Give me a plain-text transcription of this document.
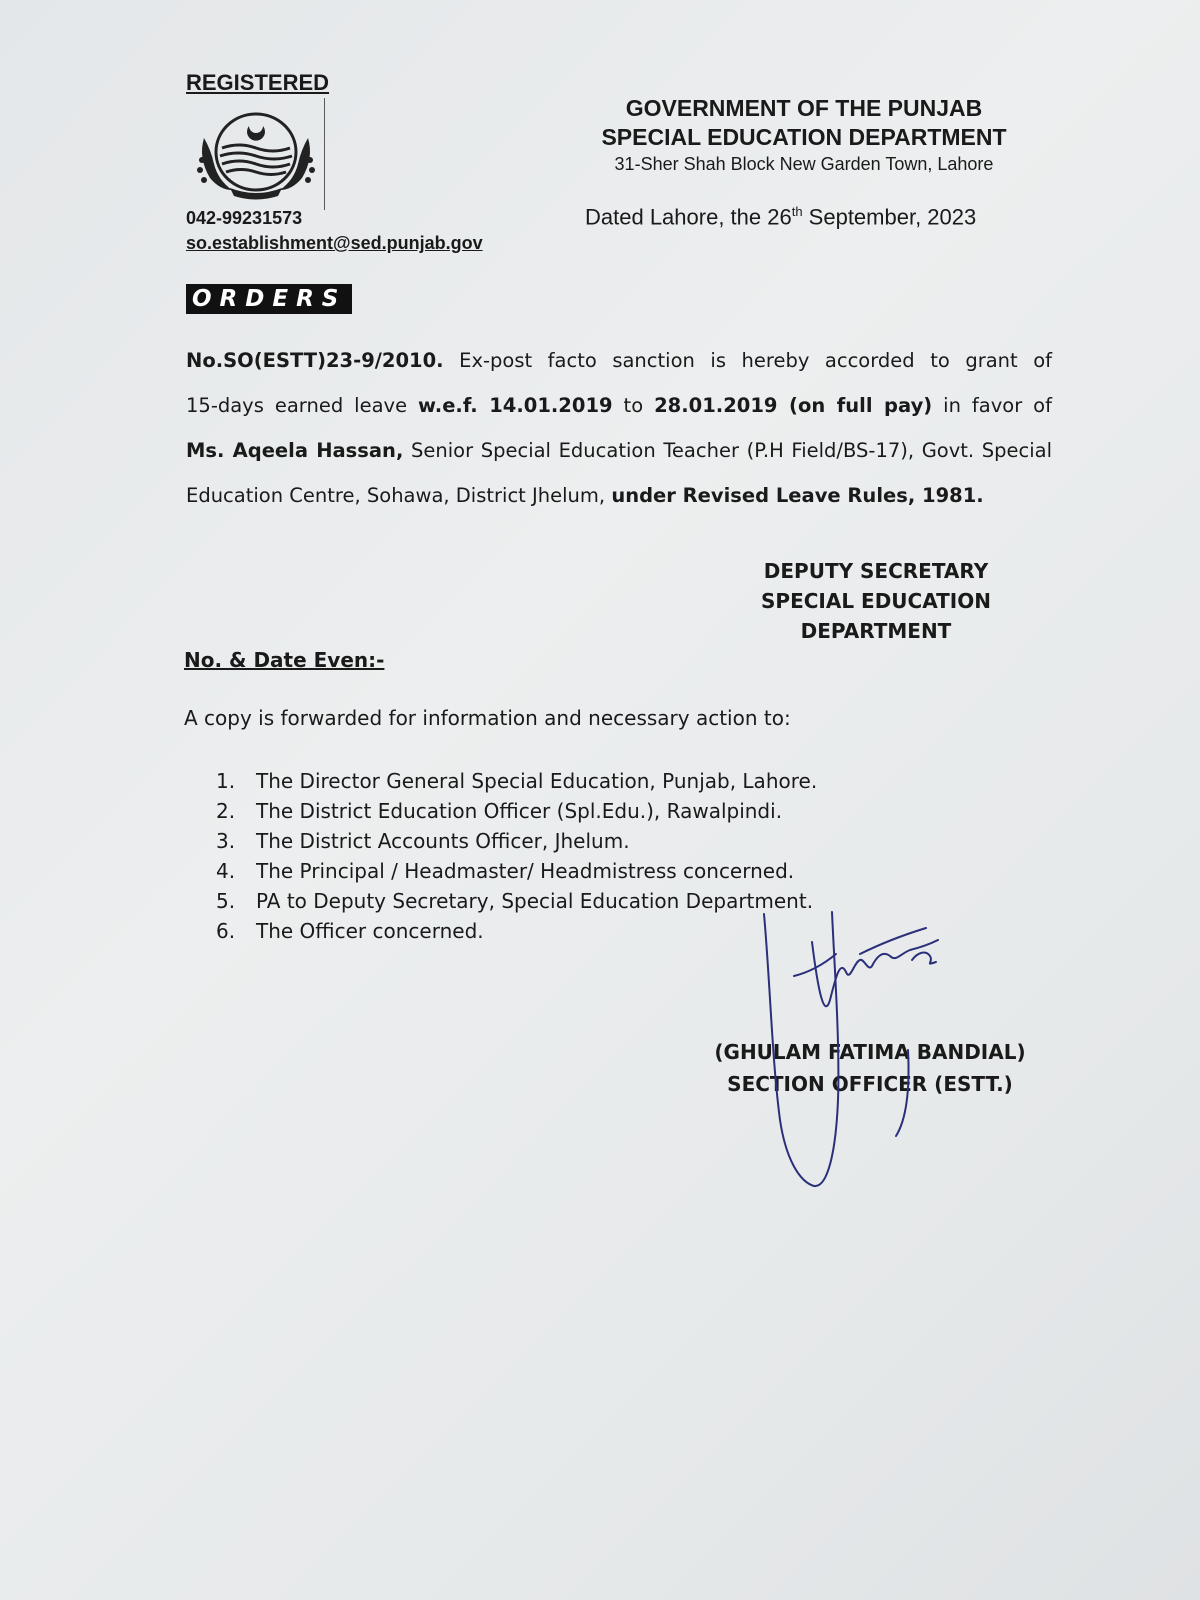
REGISTERED
042-99231573
so.establishment@sed.punjab.gov
GOVERNMENT OF THE PUNJAB
SPECIAL EDUCATION DEPARTMENT
31-Sher Shah Block New Garden Town, Lahore
Dated Lahore, the 26th September, 2023
ORDERS
No.SO(ESTT)23-9/2010. Ex-post facto sanction is hereby accorded to grant of
15-days earned leave w.e.f. 14.01.2019 to 28.01.2019 (on full pay) in favor of
Ms. Aqeela Hassan, Senior Special Education Teacher (P.H Field/BS-17), Govt. Special
Education Centre, Sohawa, District Jhelum, under Revised Leave Rules, 1981.
DEPUTY SECRETARY
SPECIAL EDUCATION
DEPARTMENT
No. & Date Even:-
A copy is forwarded for information and necessary action to:
1. The Director General Special Education, Punjab, Lahore.
2. The District Education Officer (Spl.Edu.), Rawalpindi.
3. The District Accounts Officer, Jhelum.
4. The Principal / Headmaster/ Headmistress concerned.
5. PA to Deputy Secretary, Special Education Department.
6. The Officer concerned.
(GHULAM FATIMA BANDIAL)
SECTION OFFICER (ESTT.)
